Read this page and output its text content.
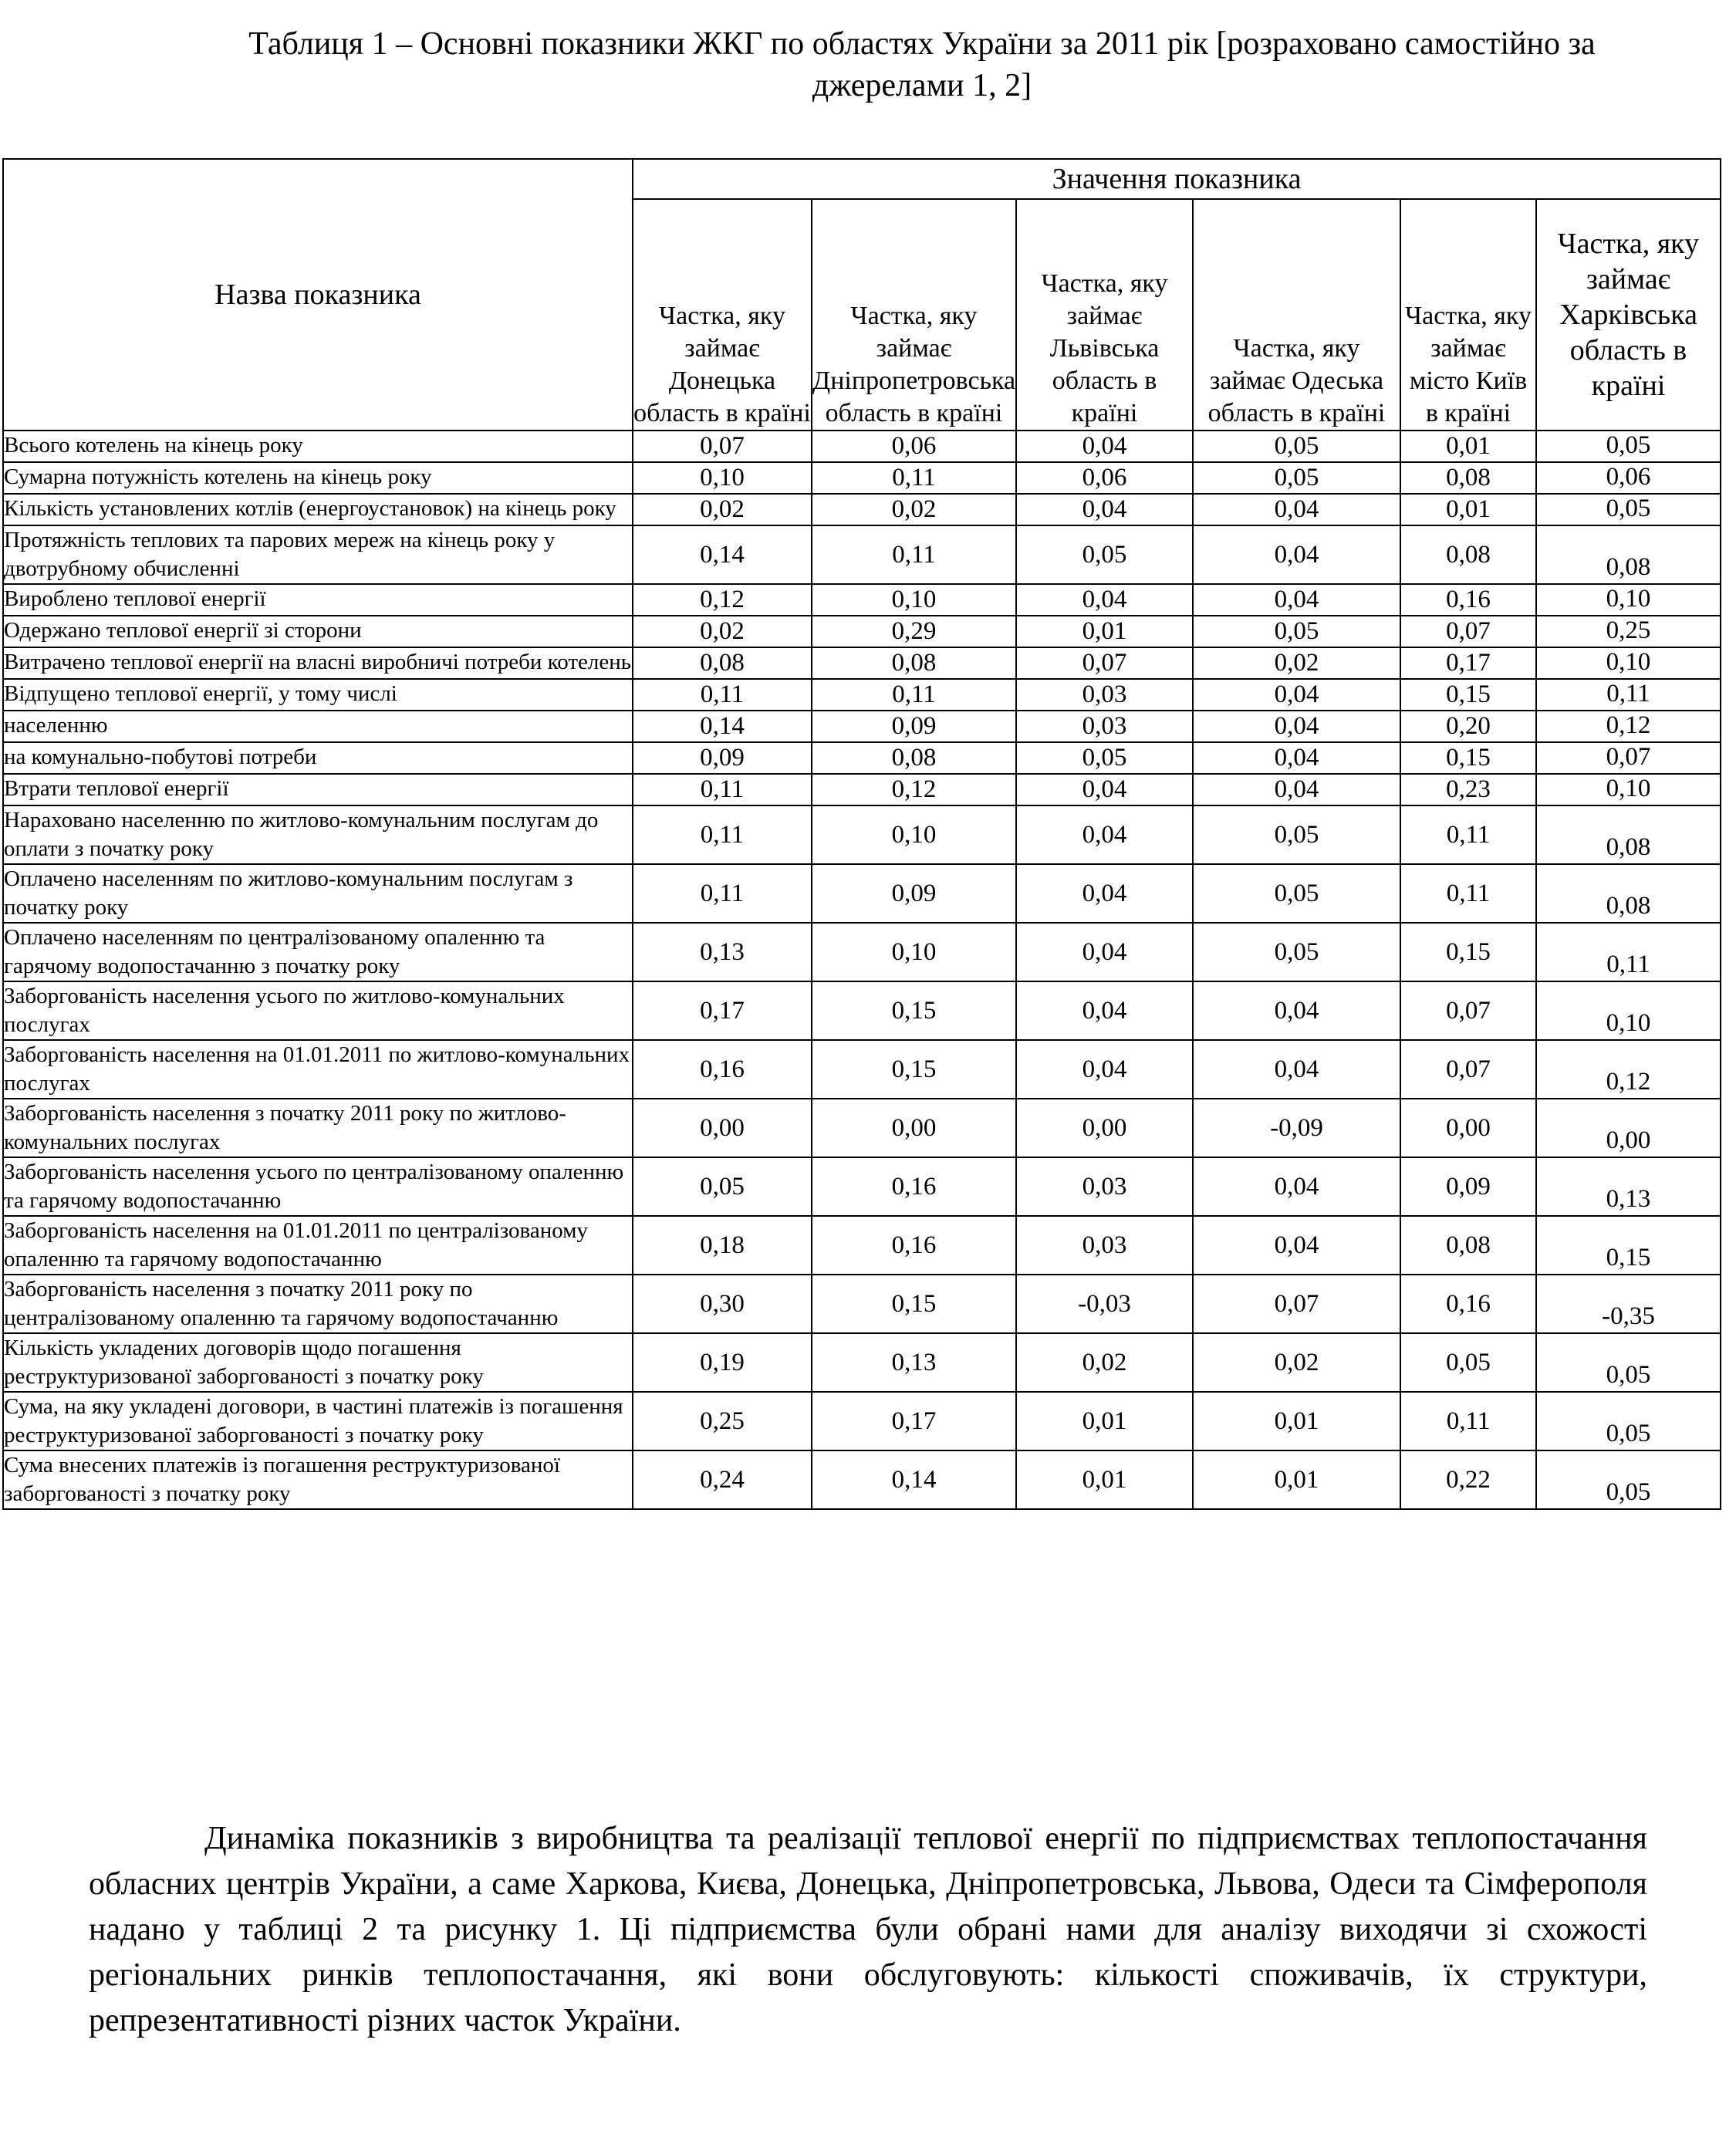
Таблиця 1 – Основні показники ЖКГ по областях України за 2011 рік [розраховано самостійно за джерелами 1, 2]
Назва показника	Значення показника					
	Частка, яку займає Донецька область в країні	Частка, яку займає Дніпропетровська область в країні	Частка, яку займає Львівська область в країні	Частка, яку займає Одеська область в країні	Частка, яку займає місто Київ в країні	Частка, яку займає Харківська область в країні
Всього котелень на кінець року	0,07	0,06	0,04	0,05	0,01	0,05
Сумарна потужність котелень на кінець року	0,10	0,11	0,06	0,05	0,08	0,06
Кількість установлених котлів (енергоустановок) на кінець року	0,02	0,02	0,04	0,04	0,01	0,05
Протяжність теплових та парових мереж на кінець року у двотрубному обчисленні	0,14	0,11	0,05	0,04	0,08	0,08
Вироблено теплової енергії	0,12	0,10	0,04	0,04	0,16	0,10
Одержано теплової енергії зі сторони	0,02	0,29	0,01	0,05	0,07	0,25
Витрачено теплової енергії на власні виробничі потреби котелень	0,08	0,08	0,07	0,02	0,17	0,10
Відпущено теплової енергії, у тому числі	0,11	0,11	0,03	0,04	0,15	0,11
населенню	0,14	0,09	0,03	0,04	0,20	0,12
на комунально-побутові потреби	0,09	0,08	0,05	0,04	0,15	0,07
Втрати теплової енергії	0,11	0,12	0,04	0,04	0,23	0,10
Нараховано населенню по житлово-комунальним послугам до оплати з початку року	0,11	0,10	0,04	0,05	0,11	0,08
Оплачено населенням по житлово-комунальним послугам з початку року	0,11	0,09	0,04	0,05	0,11	0,08
Оплачено населенням по централізованому опаленню та гарячому водопостачанню з початку року	0,13	0,10	0,04	0,05	0,15	0,11
Заборгованість населення усього по житлово-комунальних послугах	0,17	0,15	0,04	0,04	0,07	0,10
Заборгованість населення на 01.01.2011 по житлово-комунальних послугах	0,16	0,15	0,04	0,04	0,07	0,12
Заборгованість населення з початку 2011 року по житлово-комунальних послугах	0,00	0,00	0,00	-0,09	0,00	0,00
Заборгованість населення усього по централізованому опаленню та гарячому водопостачанню	0,05	0,16	0,03	0,04	0,09	0,13
Заборгованість населення на 01.01.2011 по централізованому опаленню та гарячому водопостачанню	0,18	0,16	0,03	0,04	0,08	0,15
Заборгованість населення з початку 2011 року по централізованому опаленню та гарячому водопостачанню	0,30	0,15	-0,03	0,07	0,16	-0,35
Кількість укладених договорів щодо погашення реструктуризованої заборгованості з початку року	0,19	0,13	0,02	0,02	0,05	0,05
Сума, на яку укладені договори, в частині платежів із погашення реструктуризованої заборгованості з початку року	0,25	0,17	0,01	0,01	0,11	0,05
Сума внесених платежів із погашення реструктуризованої заборгованості з початку року	0,24	0,14	0,01	0,01	0,22	0,05

Динаміка показників з виробництва та реалізації теплової енергії по підприємствах теплопостачання обласних центрів України, а саме Харкова, Києва, Донецька, Дніпропетровська, Львова, Одеси та Сімферополя надано у таблиці 2 та рисунку 1. Ці підприємства були обрані нами для аналізу виходячи зі схожості регіональних ринків теплопостачання, які вони обслуговують: кількості споживачів, їх структури, репрезентативності різних часток України.
